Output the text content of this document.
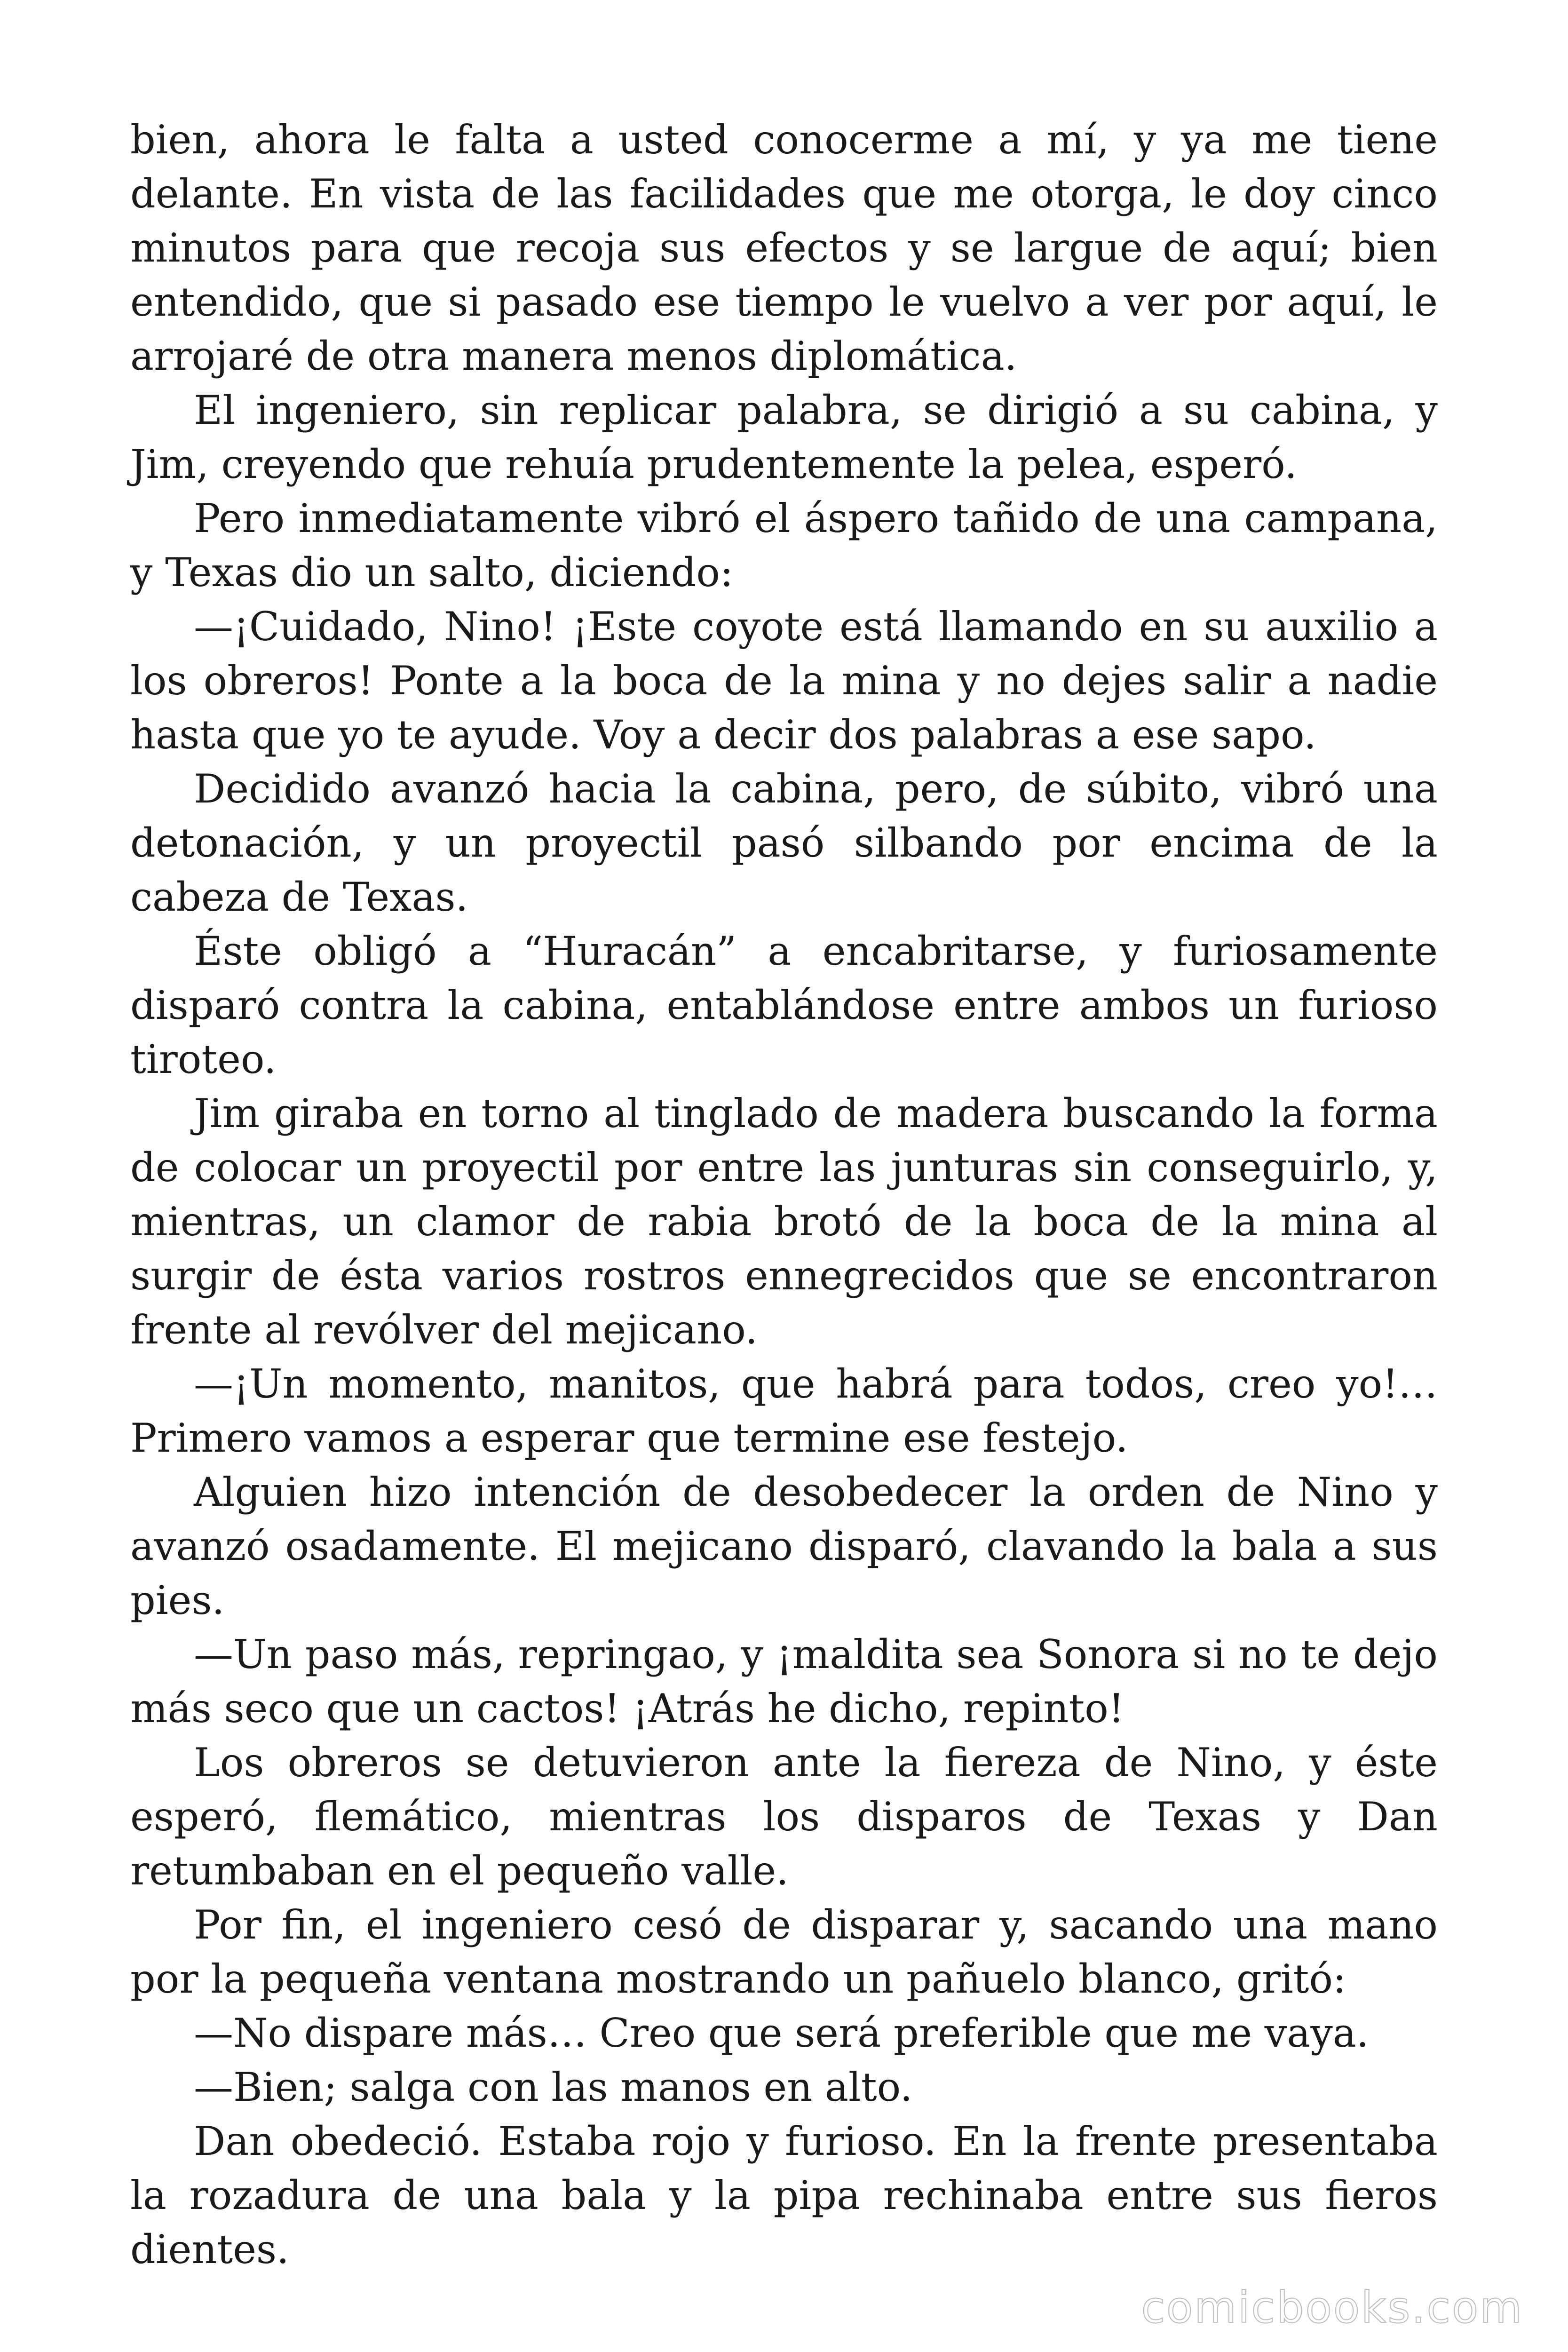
bien, ahora le falta a usted conocerme a mí, y ya me tiene delante. En vista de las facilidades que me otorga, le doy cinco minutos para que recoja sus efectos y se largue de aquí; bien entendido, que si pasado ese tiempo le vuelvo a ver por aquí, le arrojaré de otra manera menos diplomática.

El ingeniero, sin replicar palabra, se dirigió a su cabina, y Jim, creyendo que rehuía prudentemente la pelea, esperó.

Pero inmediatamente vibró el áspero tañido de una campana, y Texas dio un salto, diciendo:

—¡Cuidado, Nino! ¡Este coyote está llamando en su auxilio a los obreros! Ponte a la boca de la mina y no dejes salir a nadie hasta que yo te ayude. Voy a decir dos palabras a ese sapo.

Decidido avanzó hacia la cabina, pero, de súbito, vibró una detonación, y un proyectil pasó silbando por encima de la cabeza de Texas.

Éste obligó a “Huracán” a encabritarse, y furiosamente disparó contra la cabina, entablándose entre ambos un furioso tiroteo.

Jim giraba en torno al tinglado de madera buscando la forma de colocar un proyectil por entre las junturas sin conseguirlo, y, mientras, un clamor de rabia brotó de la boca de la mina al surgir de ésta varios rostros ennegrecidos que se encontraron frente al revólver del mejicano.

—¡Un momento, manitos, que habrá para todos, creo yo!… Primero vamos a esperar que termine ese festejo.

Alguien hizo intención de desobedecer la orden de Nino y avanzó osadamente. El mejicano disparó, clavando la bala a sus pies.

—Un paso más, repringao, y ¡maldita sea Sonora si no te dejo más seco que un cactos! ¡Atrás he dicho, repinto!

Los obreros se detuvieron ante la fiereza de Nino, y éste esperó, flemático, mientras los disparos de Texas y Dan retumbaban en el pequeño valle.

Por fin, el ingeniero cesó de disparar y, sacando una mano por la pequeña ventana mostrando un pañuelo blanco, gritó:

—No dispare más… Creo que será preferible que me vaya.

—Bien; salga con las manos en alto.

Dan obedeció. Estaba rojo y furioso. En la frente presentaba la rozadura de una bala y la pipa rechinaba entre sus fieros dientes.

comicbooks.com
